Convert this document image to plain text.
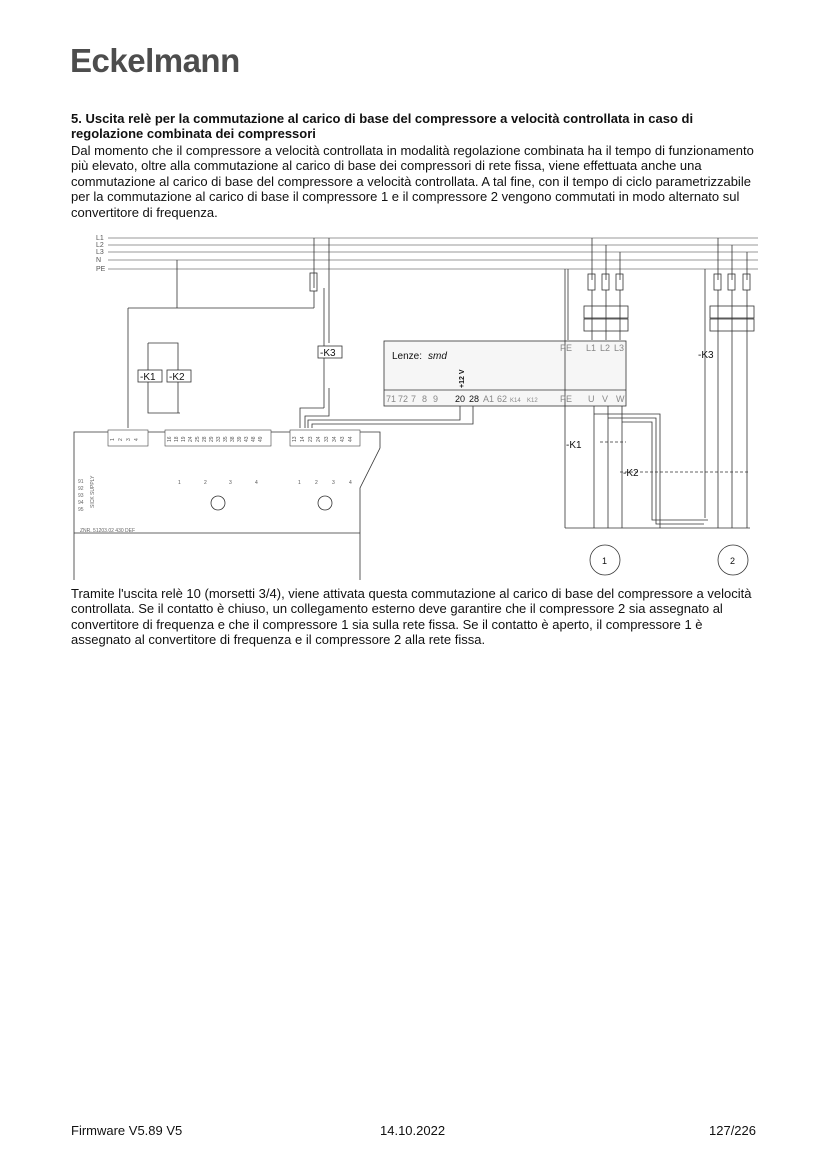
Eckelmann
5. Uscita relè per la commutazione al carico di base del compressore a velocità controllata in caso di regolazione combinata dei compressori
Dal momento che il compressore a velocità controllata in modalità regolazione combinata ha il tempo di funzionamento più elevato, oltre alla commutazione al carico di base dei compressori di rete fissa, viene effettuata anche una commutazione al carico di base del compressore a velocità controllata. A tal fine, con il tempo di ciclo parametrizzabile per la commutazione al carico di base il compressore 1 e il compressore 2 vengono commutati in modo alternato sul convertitore di frequenza.
L1
L2
L3
N
PE
-K1 -K2
-K3
-K1
-K2
-K3
Lenze: smd
+12 V
71 72 7 8 9 20 28 A1 62 K14 K12 PE U V W
PE L1 L2 L3
SICK SUPPLY
ZNR. 51203.02 430 DEF
91
92
93
94
95
1 2 3 4	16 18 19 24 25 28 29 33 35 38 39 43 48 49	13 14 23 24 33 34 43 44
1	2	3	4	1	2	3	4
1	2
Tramite l'uscita relè 10 (morsetti 3/4), viene attivata questa commutazione al carico di base del compressore a velocità controllata. Se il contatto è chiuso, un collegamento esterno deve garantire che il compressore 2 sia assegnato al convertitore di frequenza e che il compressore 1 sia sulla rete fissa. Se il contatto è aperto, il compressore 1 è assegnato al convertitore di frequenza e il compressore 2 alla rete fissa.
Firmware V5.89 V5	14.10.2022	127/226
